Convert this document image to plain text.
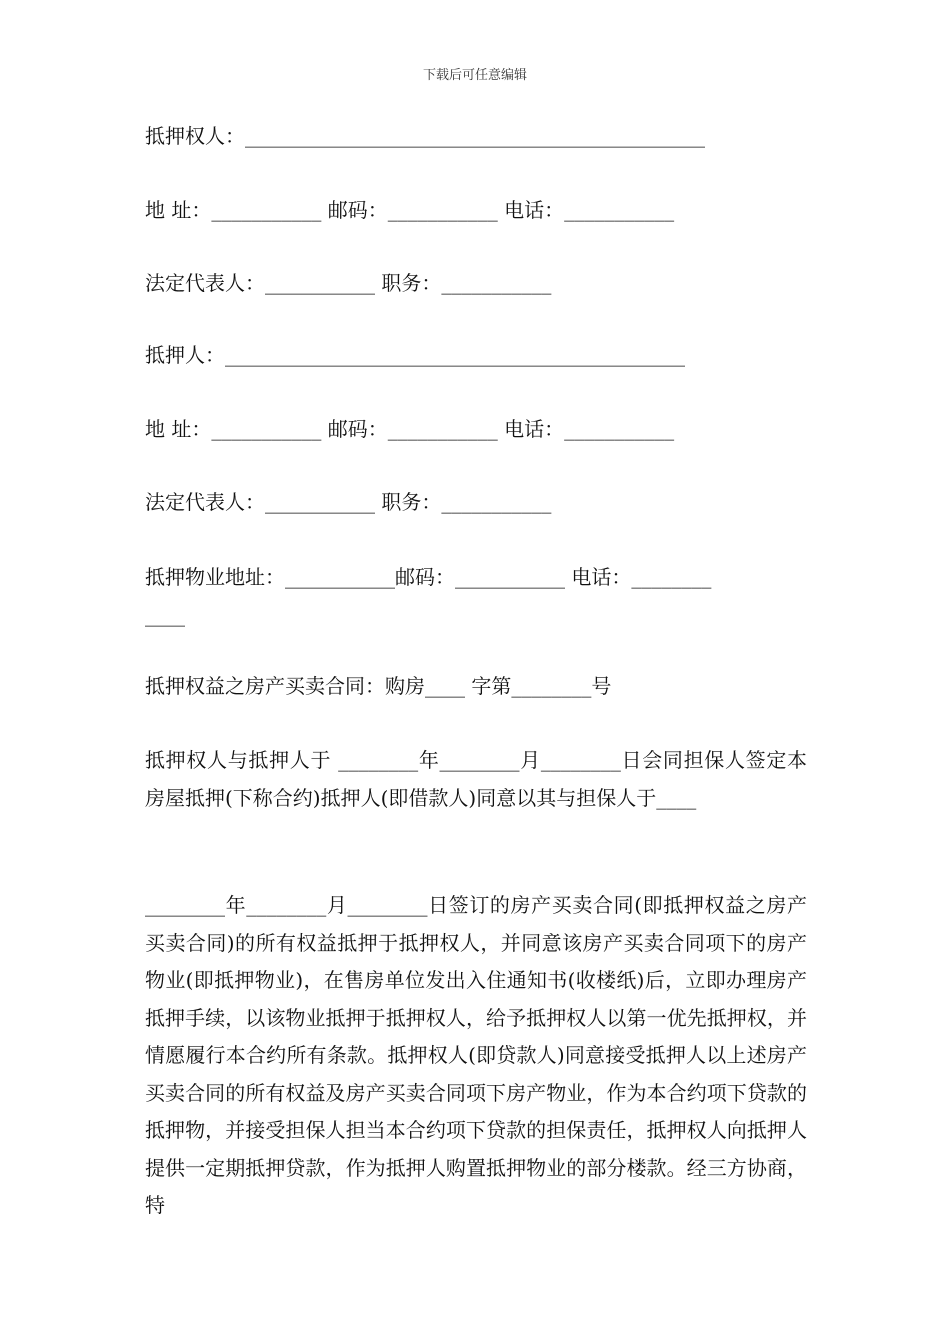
下载后可任意编辑
抵押权人：______________________________________________
地 址：___________ 邮码：___________ 电话：___________
法定代表人：___________ 职务：___________
抵押人：______________________________________________
地 址：___________ 邮码：___________ 电话：___________
法定代表人：___________ 职务：___________
抵押物业地址：___________邮码：___________ 电话：________
____
抵押权益之房产买卖合同：购房____ 字第________号
抵押权人与抵押人于 ________年________月________日会同担保人签定本房屋抵押(下称合约)抵押人(即借款人)同意以其与担保人于____
________年________月________日签订的房产买卖合同(即抵押权益之房产买卖合同)的所有权益抵押于抵押权人，并同意该房产买卖合同项下的房产物业(即抵押物业)，在售房单位发出入住通知书(收楼纸)后，立即办理房产抵押手续，以该物业抵押于抵押权人，给予抵押权人以第一优先抵押权，并情愿履行本合约所有条款。抵押权人(即贷款人)同意接受抵押人以上述房产买卖合同的所有权益及房产买卖合同项下房产物业，作为本合约项下贷款的抵押物，并接受担保人担当本合约项下贷款的担保责任，抵押权人向抵押人提供一定期抵押贷款，作为抵押人购置抵押物业的部分楼款。经三方协商，特
